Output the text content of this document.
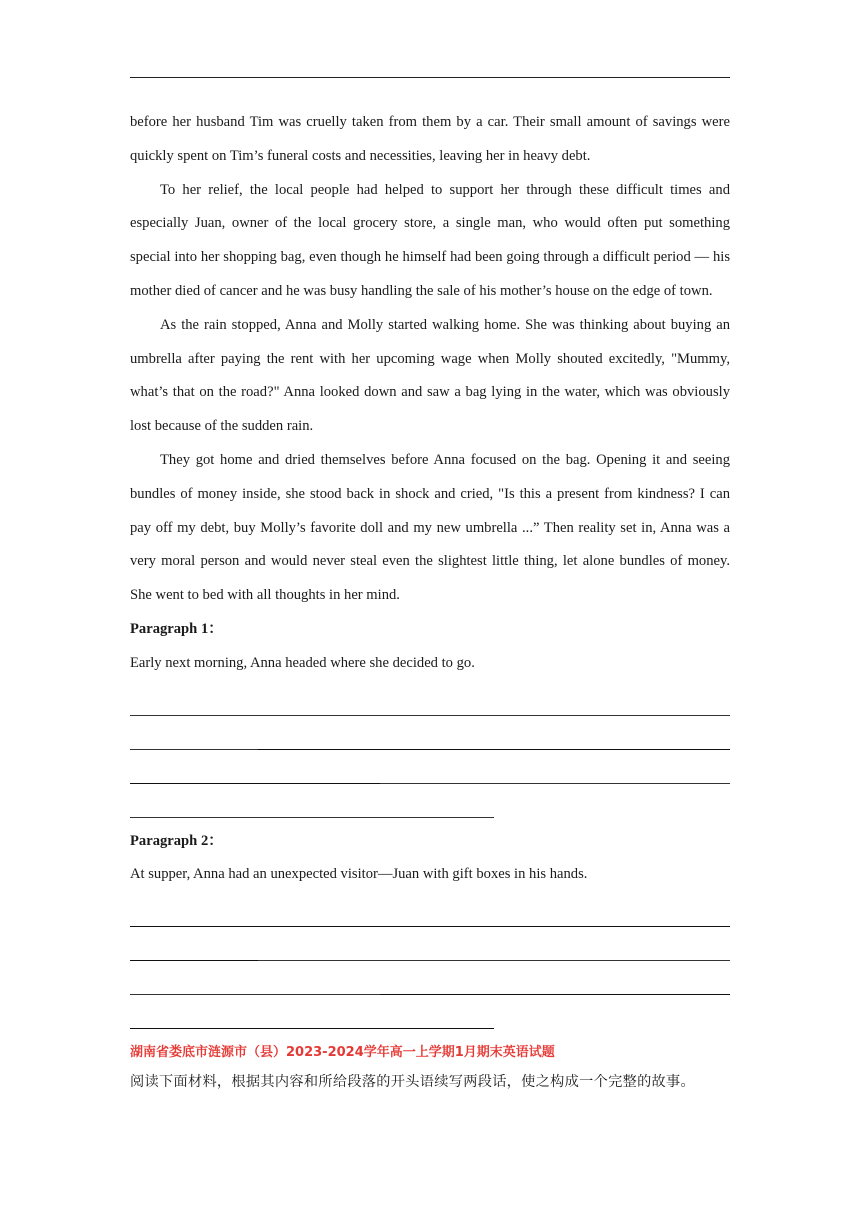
before her husband Tim was cruelly taken from them by a car. Their small amount of savings were quickly spent on Tim’s funeral costs and necessities, leaving her in heavy debt.

To her relief, the local people had helped to support her through these difficult times and especially Juan, owner of the local grocery store, a single man, who would often put something special into her shopping bag, even though he himself had been going through a difficult period — his mother died of cancer and he was busy handling the sale of his mother’s house on the edge of town.

As the rain stopped, Anna and Molly started walking home. She was thinking about buying an umbrella after paying the rent with her upcoming wage when Molly shouted excitedly, "Mummy, what’s that on the road?" Anna looked down and saw a bag lying in the water, which was obviously lost because of the sudden rain.

They got home and dried themselves before Anna focused on the bag. Opening it and seeing bundles of money inside, she stood back in shock and cried, "Is this a present from kindness? I can pay off my debt, buy Molly’s favorite doll and my new umbrella ...” Then reality set in, Anna was a very moral person and would never steal even the slightest little thing, let alone bundles of money. She went to bed with all thoughts in her mind.

Paragraph 1：

Early next morning, Anna headed where she decided to go.

Paragraph 2：

At supper, Anna had an unexpected visitor—Juan with gift boxes in his hands.

湖南省娄底市涟源市（县）2023-2024学年高一上学期1月期末英语试题

阅读下面材料，根据其内容和所给段落的开头语续写两段话，使之构成一个完整的故事。
